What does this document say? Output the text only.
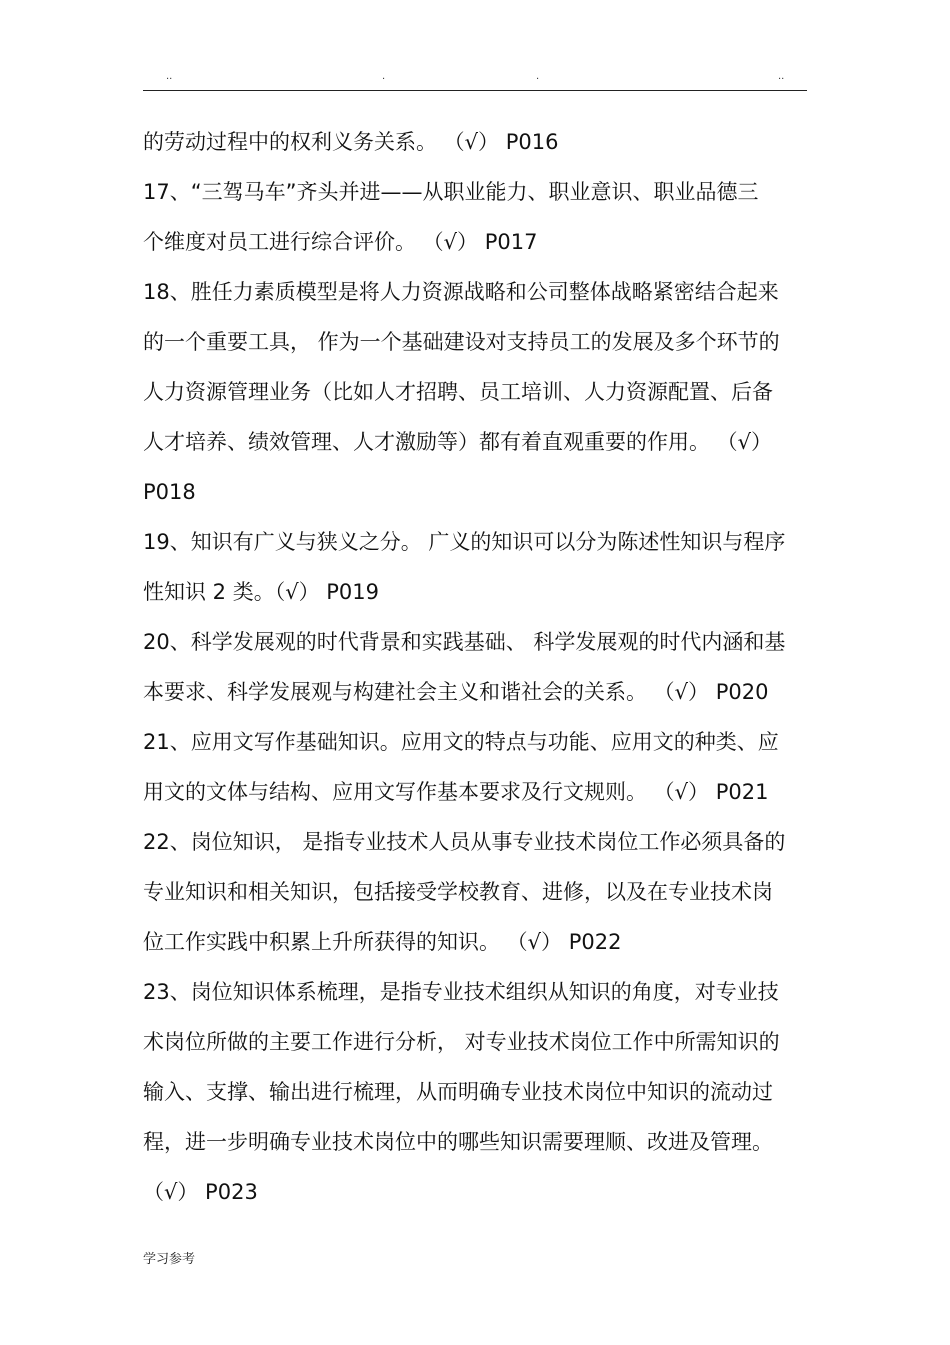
..	.	.	..
的劳动过程中的权利义务关系。 （√） P016
17、“三驾马车”齐头并进——从职业能力、职业意识、职业品德三
个维度对员工进行综合评价。 （√） P017
18、胜任力素质模型是将人力资源战略和公司整体战略紧密结合起来
的一个重要工具， 作为一个基础建设对支持员工的发展及多个环节的
人力资源管理业务（比如人才招聘、员工培训、人力资源配置、后备
人才培养、绩效管理、人才激励等）都有着直观重要的作用。 （√）
P018
19、知识有广义与狭义之分。 广义的知识可以分为陈述性知识与程序
性知识 2 类。（√） P019
20、科学发展观的时代背景和实践基础、 科学发展观的时代内涵和基
本要求、科学发展观与构建社会主义和谐社会的关系。 （√） P020
21、应用文写作基础知识。应用文的特点与功能、应用文的种类、应
用文的文体与结构、应用文写作基本要求及行文规则。 （√） P021
22、岗位知识， 是指专业技术人员从事专业技术岗位工作必须具备的
专业知识和相关知识，包括接受学校教育、进修，以及在专业技术岗
位工作实践中积累上升所获得的知识。 （√） P022
23、岗位知识体系梳理，是指专业技术组织从知识的角度，对专业技
术岗位所做的主要工作进行分析， 对专业技术岗位工作中所需知识的
输入、支撑、输出进行梳理，从而明确专业技术岗位中知识的流动过
程，进一步明确专业技术岗位中的哪些知识需要理顺、改进及管理。
（√） P023
学习参考
